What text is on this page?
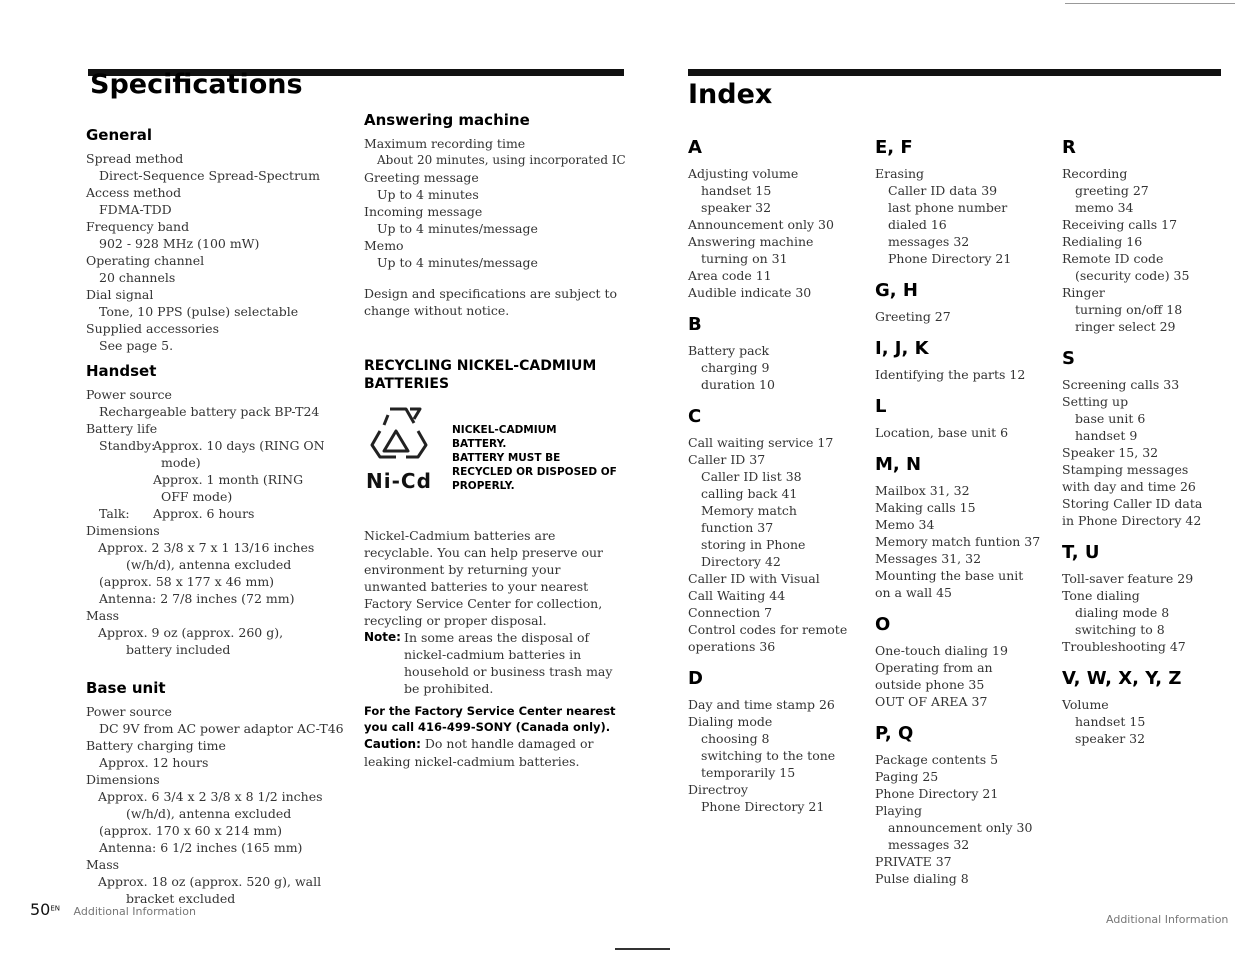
Specifications	Index
General
Spread method
Direct-Sequence Spread-Spectrum
Access method
FDMA-TDD
Frequency band
902 - 928 MHz (100 mW)
Operating channel
20 channels
Dial signal
Tone, 10 PPS (pulse) selectable
Supplied accessories
See page 5.
Handset
Power source
Rechargeable battery pack BP-T24
Battery life
Standby:
Approx. 10 days (RING ON mode)
Approx. 1 month (RING OFF mode)
Talk:	Approx. 6 hours
Dimensions
Approx. 2 3/8 x 7 x 1 13/16 inches (w/h/d), antenna excluded
(approx. 58 x 177 x 46 mm)
Antenna: 2 7/8 inches (72 mm)
Mass
Approx. 9 oz (approx. 260 g), battery included
Base unit
Power source
DC 9V from AC power adaptor AC-T46
Battery charging time
Approx. 12 hours
Dimensions
Approx. 6 3/4 x 2 3/8 x 8 1/2 inches (w/h/d), antenna excluded
(approx. 170 x 60 x 214 mm)
Antenna: 6 1/2 inches (165 mm)
Mass
Approx. 18 oz (approx. 520 g), wall bracket excluded
Answering machine
Maximum recording time
About 20 minutes, using incorporated IC
Greeting message
Up to 4 minutes
Incoming message
Up to 4 minutes/message
Memo
Up to 4 minutes/message
Design and specifications are subject to change without notice.
RECYCLING NICKEL-CADMIUM
BATTERIES
Ni-Cd
NICKEL-CADMIUM
BATTERY.
BATTERY MUST BE
RECYCLED OR DISPOSED OF
PROPERLY.
Nickel-Cadmium batteries are recyclable. You can help preserve our environment by returning your unwanted batteries to your nearest Factory Service Center for collection, recycling or proper disposal.
Note: In some areas the disposal of nickel-cadmium batteries in household or business trash may be prohibited.
For the Factory Service Center nearest you call 416-499-SONY (Canada only).
Caution: Do not handle damaged or leaking nickel-cadmium batteries.
A
Adjusting volume
handset 15
speaker 32
Announcement only 30
Answering machine
turning on 31
Area code 11
Audible indicate 30
B
Battery pack
charging 9
duration 10
C
Call waiting service 17
Caller ID 37
Caller ID list 38
calling back 41
Memory match function 37
storing in Phone Directory 42
Caller ID with Visual Call Waiting 44
Connection 7
Control codes for remote operations 36
D
Day and time stamp 26
Dialing mode
choosing 8
switching to the tone temporarily 15
Directroy
Phone Directory 21
E, F
Erasing
Caller ID data 39
last phone number dialed 16
messages 32
Phone Directory 21
G, H
Greeting 27
I, J, K
Identifying the parts 12
L
Location, base unit 6
M, N
Mailbox 31, 32
Making calls 15
Memo 34
Memory match funtion 37
Messages 31, 32
Mounting the base unit on a wall 45
O
One-touch dialing 19
Operating from an outside phone 35
OUT OF AREA 37
P, Q
Package contents 5
Paging 25
Phone Directory 21
Playing
announcement only 30
messages 32
PRIVATE 37
Pulse dialing 8
R
Recording
greeting 27
memo 34
Receiving calls 17
Redialing 16
Remote ID code
(security code) 35
Ringer
turning on/off 18
ringer select 29
S
Screening calls 33
Setting up
base unit 6
handset 9
Speaker 15, 32
Stamping messages with day and time 26
Storing Caller ID data in Phone Directory 42
T, U
Toll-saver feature 29
Tone dialing
dialing mode 8
switching to 8
Troubleshooting 47
V, W, X, Y, Z
Volume
handset 15
speaker 32
$50^{EN}$ Additional Information
Additional Information
